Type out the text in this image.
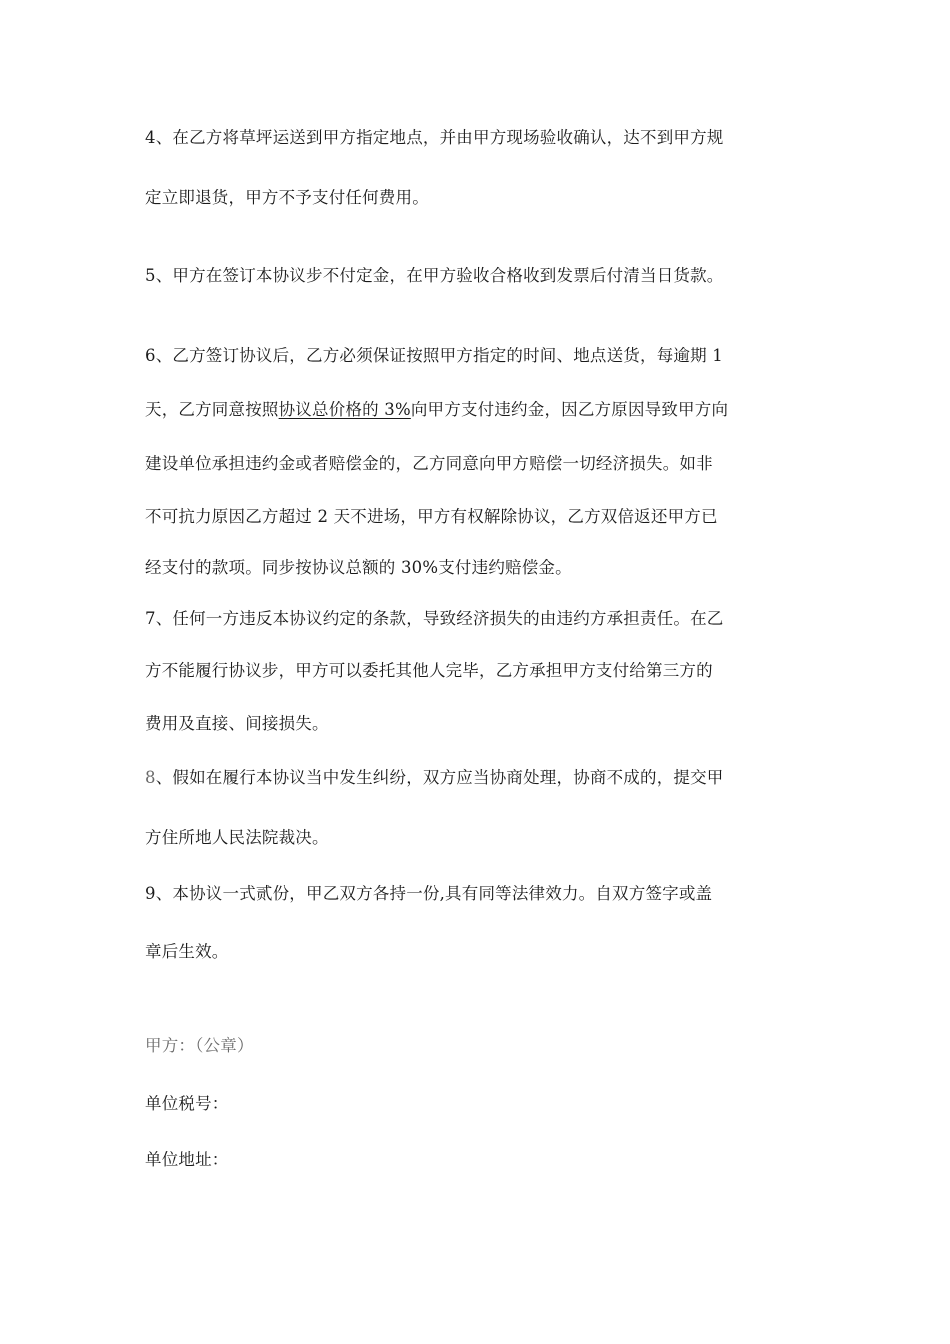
4、在乙方将草坪运送到甲方指定地点，并由甲方现场验收确认，达不到甲方规
定立即退货，甲方不予支付任何费用。
5、甲方在签订本协议步不付定金，在甲方验收合格收到发票后付清当日货款。
6、乙方签订协议后，乙方必须保证按照甲方指定的时间、地点送货，每逾期 1
天，乙方同意按照协议总价格的 3%向甲方支付违约金，因乙方原因导致甲方向
建设单位承担违约金或者赔偿金的，乙方同意向甲方赔偿一切经济损失。如非
不可抗力原因乙方超过 2 天不进场，甲方有权解除协议，乙方双倍返还甲方已
经支付的款项。同步按协议总额的 30%支付违约赔偿金。
7、任何一方违反本协议约定的条款，导致经济损失的由违约方承担责任。在乙
方不能履行协议步，甲方可以委托其他人完毕，乙方承担甲方支付给第三方的
费用及直接、间接损失。
8、假如在履行本协议当中发生纠纷，双方应当协商处理，协商不成的，提交甲
方住所地人民法院裁决。
9、本协议一式贰份，甲乙双方各持一份,具有同等法律效力。自双方签字或盖
章后生效。
甲方：（公章）
单位税号：
单位地址：
